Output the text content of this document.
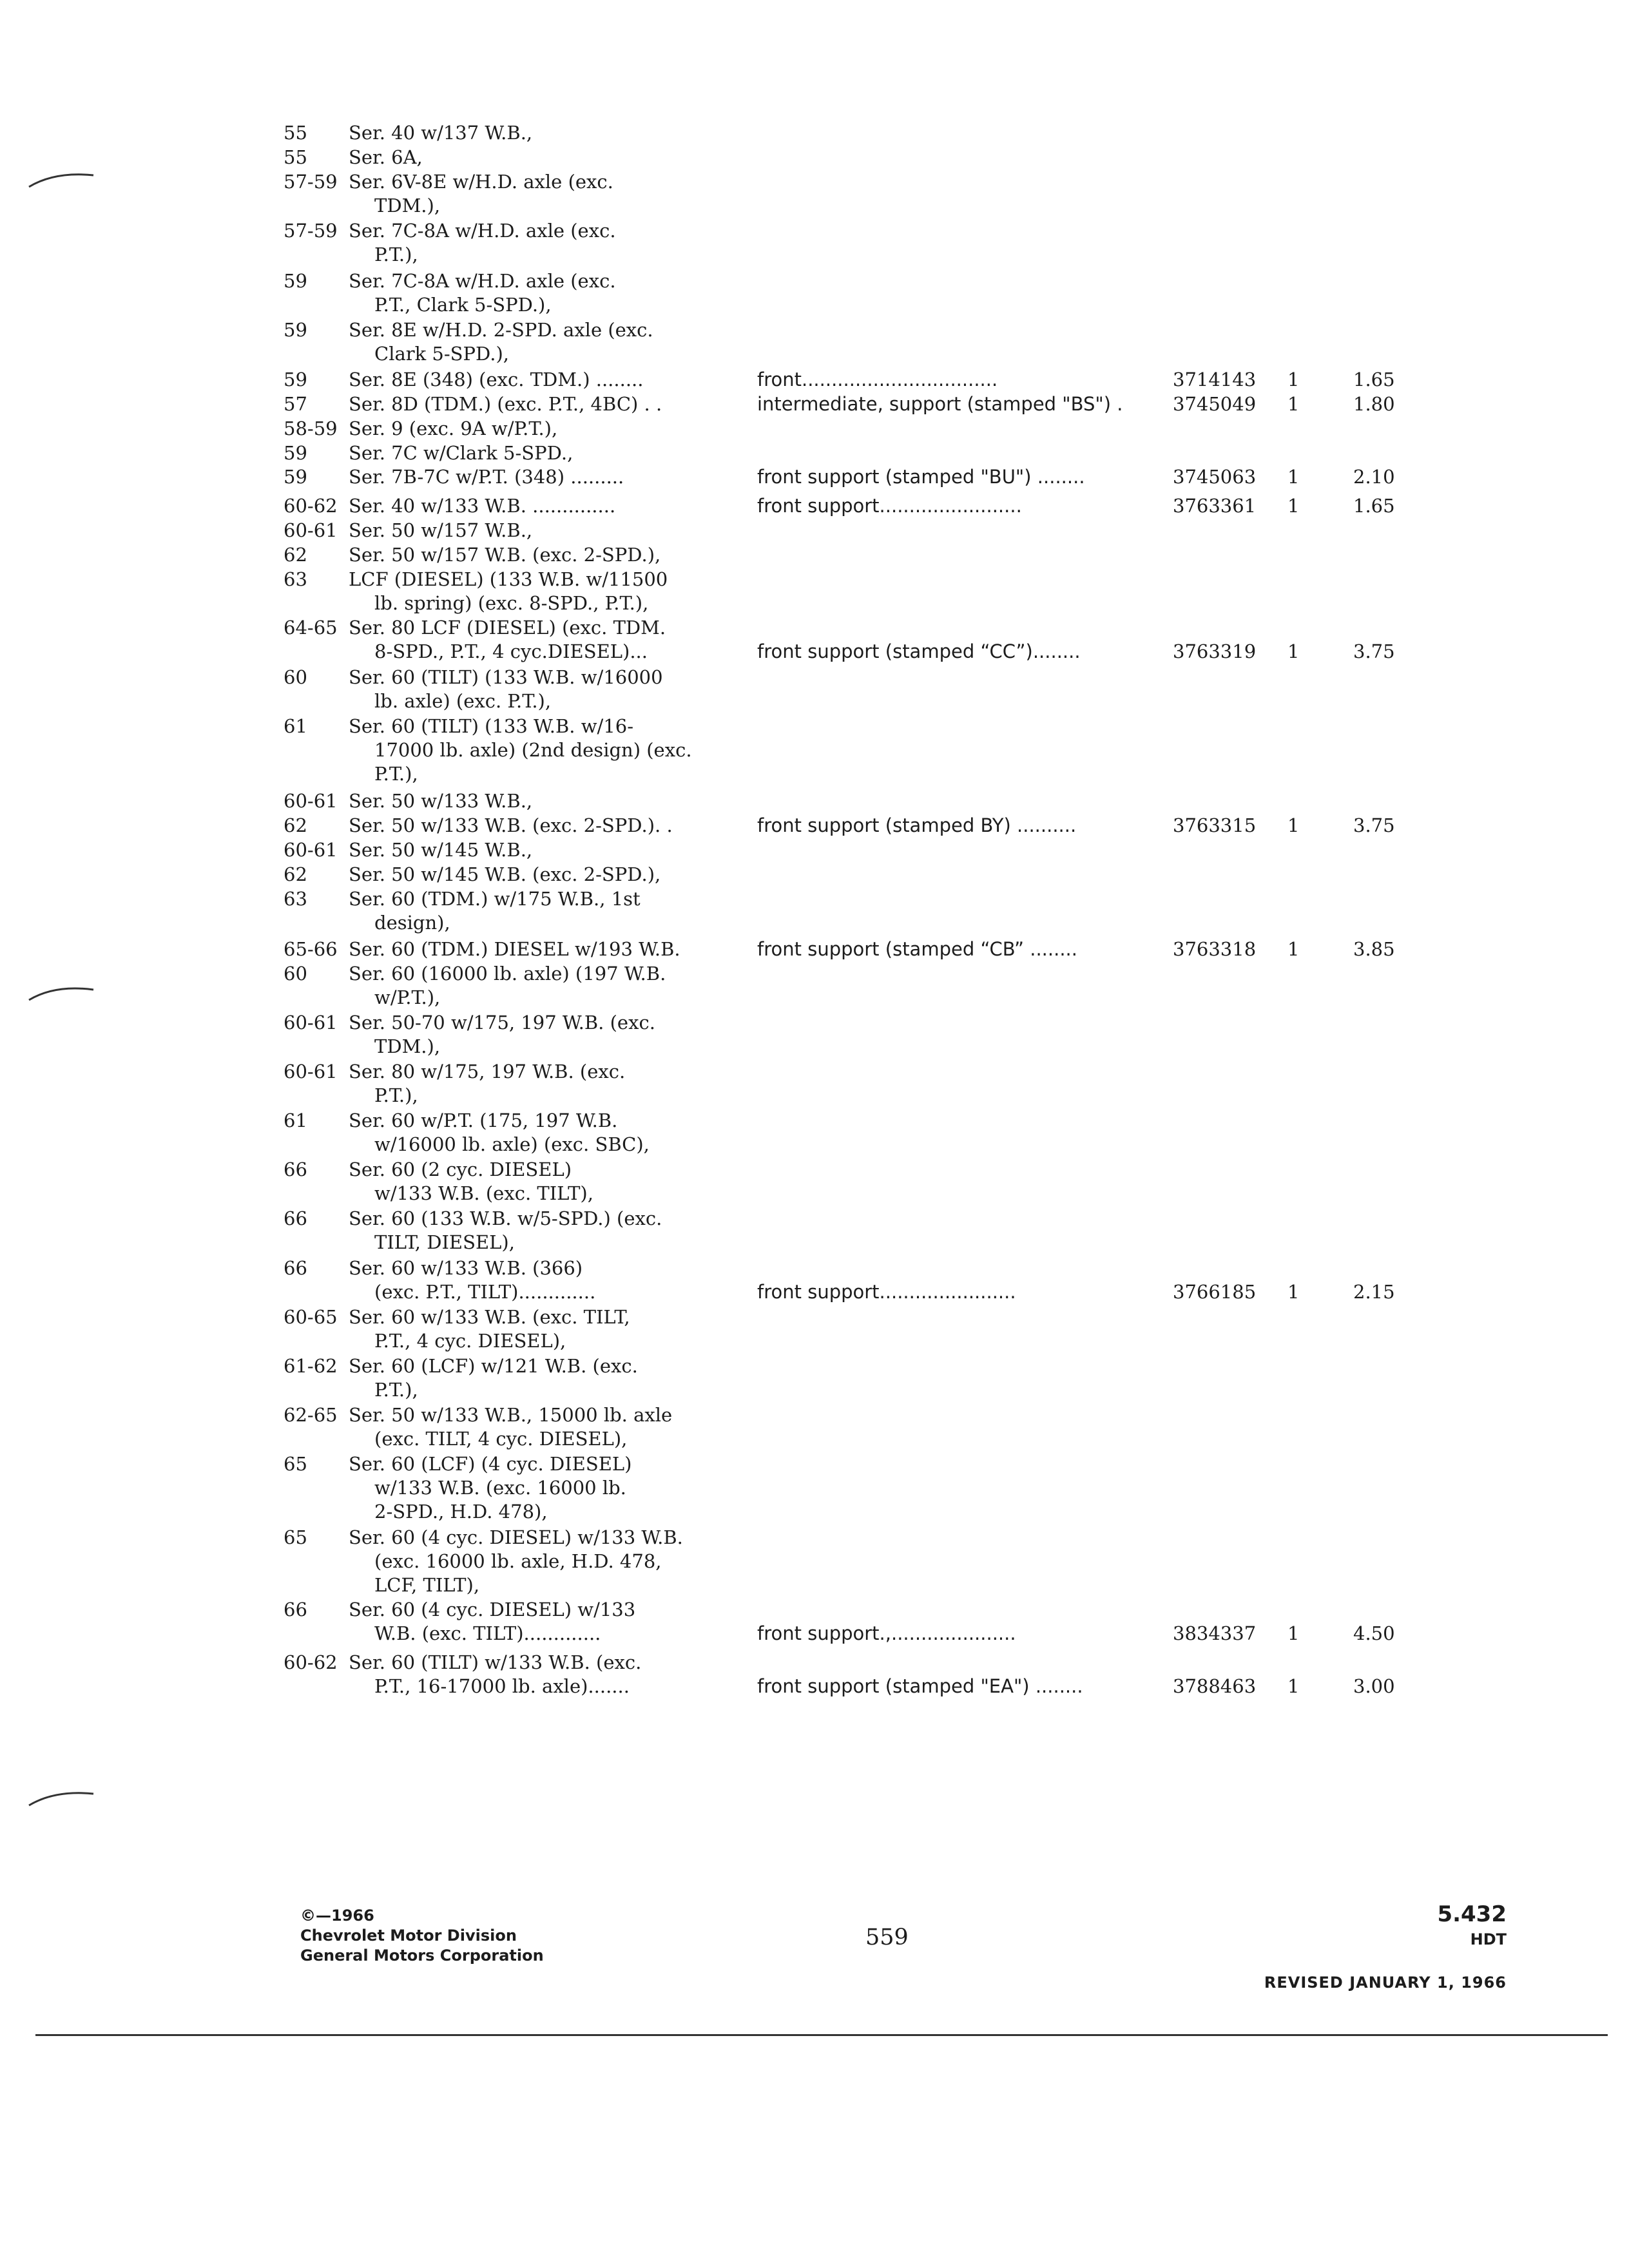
55 Ser. 40 w/137 W.B.,
55 Ser. 6A,
57-59 Ser. 6V-8E w/H.D. axle (exc.
TDM.),
57-59 Ser. 7C-8A w/H.D. axle (exc.
P.T.),
59 Ser. 7C-8A w/H.D. axle (exc.
P.T., Clark 5-SPD.),
59 Ser. 8E w/H.D. 2-SPD. axle (exc.
Clark 5-SPD.),
59 Ser. 8E (348) (exc. TDM.) ........	front.................................	3714143 1	1.65
57 Ser. 8D (TDM.) (exc. P.T., 4BC) . .	intermediate, support (stamped "BS") .	3745049 1	1.80
58-59 Ser. 9 (exc. 9A w/P.T.),
59 Ser. 7C w/Clark 5-SPD.,
59 Ser. 7B-7C w/P.T. (348) .........	front support (stamped "BU") ........	3745063 1	2.10
60-62 Ser. 40 w/133 W.B. ..............	front support........................	3763361 1	1.65
60-61 Ser. 50 w/157 W.B.,
62 Ser. 50 w/157 W.B. (exc. 2-SPD.),
63 LCF (DIESEL) (133 W.B. w/11500
lb. spring) (exc. 8-SPD., P.T.),
64-65 Ser. 80 LCF (DIESEL) (exc. TDM.
8-SPD., P.T., 4 cyc.DIESEL)...	front support (stamped “CC”)........	3763319 1	3.75
60 Ser. 60 (TILT) (133 W.B. w/16000
lb. axle) (exc. P.T.),
61 Ser. 60 (TILT) (133 W.B. w/16-
17000 lb. axle) (2nd design) (exc.
P.T.),
60-61 Ser. 50 w/133 W.B.,
62 Ser. 50 w/133 W.B. (exc. 2-SPD.). .	front support (stamped BY) ..........	3763315 1	3.75
60-61 Ser. 50 w/145 W.B.,
62 Ser. 50 w/145 W.B. (exc. 2-SPD.),
63 Ser. 60 (TDM.) w/175 W.B., 1st
design),
65-66 Ser. 60 (TDM.) DIESEL w/193 W.B.	front support (stamped “CB” ........	3763318 1	3.85
60 Ser. 60 (16000 lb. axle) (197 W.B.
w/P.T.),
60-61 Ser. 50-70 w/175, 197 W.B. (exc.
TDM.),
60-61 Ser. 80 w/175, 197 W.B. (exc.
P.T.),
61 Ser. 60 w/P.T. (175, 197 W.B.
w/16000 lb. axle) (exc. SBC),
66 Ser. 60 (2 cyc. DIESEL)
w/133 W.B. (exc. TILT),
66 Ser. 60 (133 W.B. w/5-SPD.) (exc.
TILT, DIESEL),
66 Ser. 60 w/133 W.B. (366)
(exc. P.T., TILT).............	front support.......................	3766185 1	2.15
60-65 Ser. 60 w/133 W.B. (exc. TILT,
P.T., 4 cyc. DIESEL),
61-62 Ser. 60 (LCF) w/121 W.B. (exc.
P.T.),
62-65 Ser. 50 w/133 W.B., 15000 lb. axle
(exc. TILT, 4 cyc. DIESEL),
65 Ser. 60 (LCF) (4 cyc. DIESEL)
w/133 W.B. (exc. 16000 lb.
2-SPD., H.D. 478),
65 Ser. 60 (4 cyc. DIESEL) w/133 W.B.
(exc. 16000 lb. axle, H.D. 478,
LCF, TILT),
66 Ser. 60 (4 cyc. DIESEL) w/133
W.B. (exc. TILT).............	front support.,.....................	3834337 1	4.50
60-62 Ser. 60 (TILT) w/133 W.B. (exc.
P.T., 16-17000 lb. axle).......	front support (stamped "EA") ........	3788463 1	3.00
©—1966
Chevrolet Motor Division
General Motors Corporation
559
5.432
HDT
REVISED JANUARY 1, 1966
